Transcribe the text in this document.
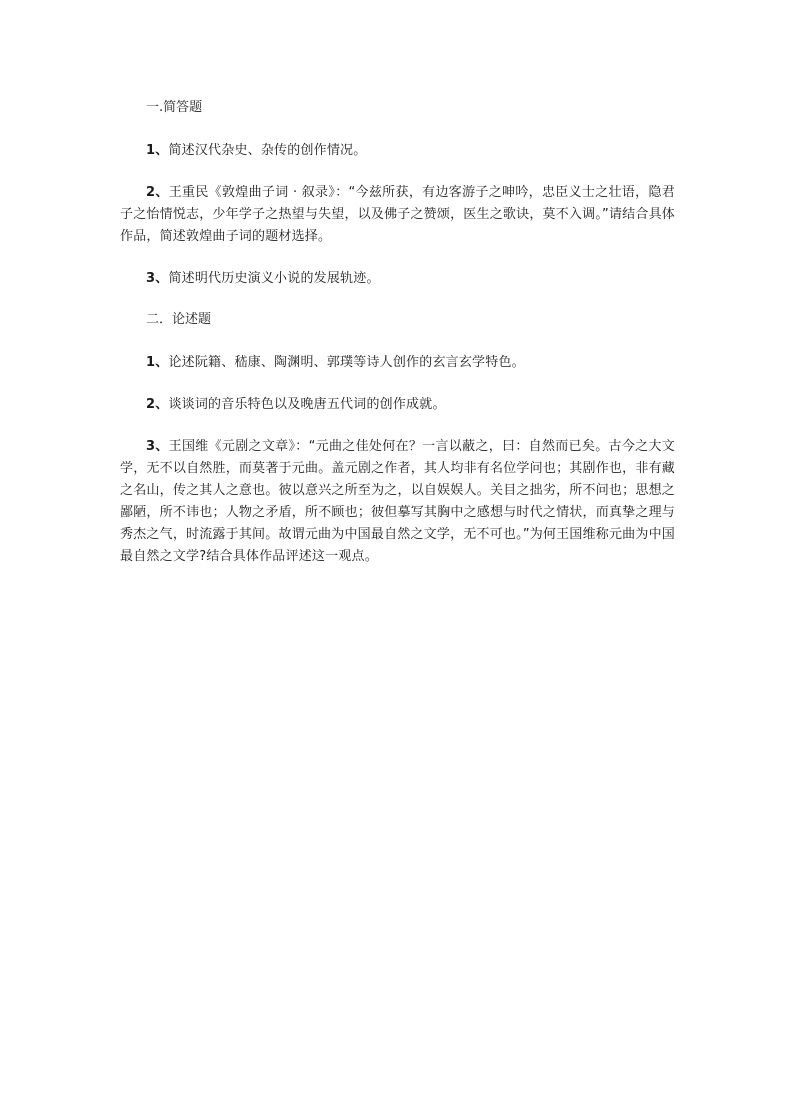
一.简答题

1、简述汉代杂史、杂传的创作情况。

2、王重民《敦煌曲子词 · 叙录》：“今兹所获，有边客游子之呻吟，忠臣义士之壮语，隐君子之怡情悦志，少年学子之热望与失望，以及佛子之赞颂，医生之歌诀，莫不入调。”请结合具体作品，简述敦煌曲子词的题材选择。

3、简述明代历史演义小说的发展轨迹。

二．论述题

1、论述阮籍、嵇康、陶渊明、郭璞等诗人创作的玄言玄学特色。

2、谈谈词的音乐特色以及晚唐五代词的创作成就。

3、王国维《元剧之文章》：“元曲之佳处何在？一言以蔽之，曰：自然而已矣。古今之大文学，无不以自然胜，而莫著于元曲。盖元剧之作者，其人均非有名位学问也；其剧作也，非有藏之名山，传之其人之意也。彼以意兴之所至为之，以自娱娱人。关目之拙劣，所不问也；思想之鄙陋，所不讳也；人物之矛盾，所不顾也；彼但摹写其胸中之感想与时代之情状，而真挚之理与秀杰之气，时流露于其间。故谓元曲为中国最自然之文学，无不可也。”为何王国维称元曲为中国最自然之文学?结合具体作品评述这一观点。
